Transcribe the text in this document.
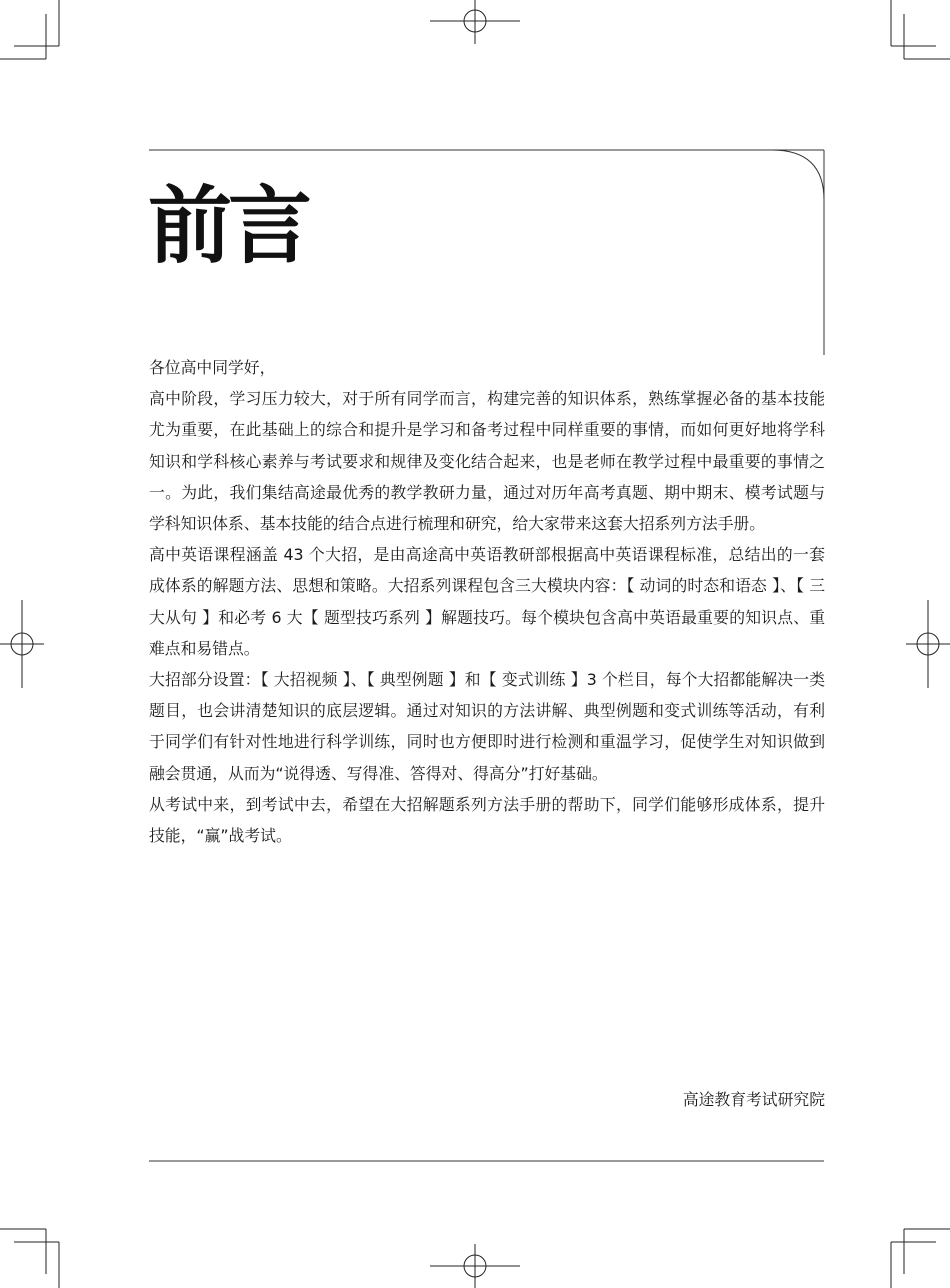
前言

各位高中同学好，

高中阶段，学习压力较大，对于所有同学而言，构建完善的知识体系，熟练掌握必备的基本技能尤为重要，在此基础上的综合和提升是学习和备考过程中同样重要的事情，而如何更好地将学科知识和学科核心素养与考试要求和规律及变化结合起来，也是老师在教学过程中最重要的事情之一。为此，我们集结高途最优秀的教学教研力量，通过对历年高考真题、期中期末、模考试题与学科知识体系、基本技能的结合点进行梳理和研究，给大家带来这套大招系列方法手册。

高中英语课程涵盖 43 个大招，是由高途高中英语教研部根据高中英语课程标准，总结出的一套成体系的解题方法、思想和策略。大招系列课程包含三大模块内容：【 动词的时态和语态 】、【 三大从句 】和必考 6 大【 题型技巧系列 】解题技巧。每个模块包含高中英语最重要的知识点、重难点和易错点。

大招部分设置：【 大招视频 】、【 典型例题 】和【 变式训练 】3 个栏目，每个大招都能解决一类题目，也会讲清楚知识的底层逻辑。通过对知识的方法讲解、典型例题和变式训练等活动，有利于同学们有针对性地进行科学训练，同时也方便即时进行检测和重温学习，促使学生对知识做到融会贯通，从而为“说得透、写得准、答得对、得高分”打好基础。

从考试中来，到考试中去，希望在大招解题系列方法手册的帮助下，同学们能够形成体系，提升技能，“赢”战考试。

高途教育考试研究院
